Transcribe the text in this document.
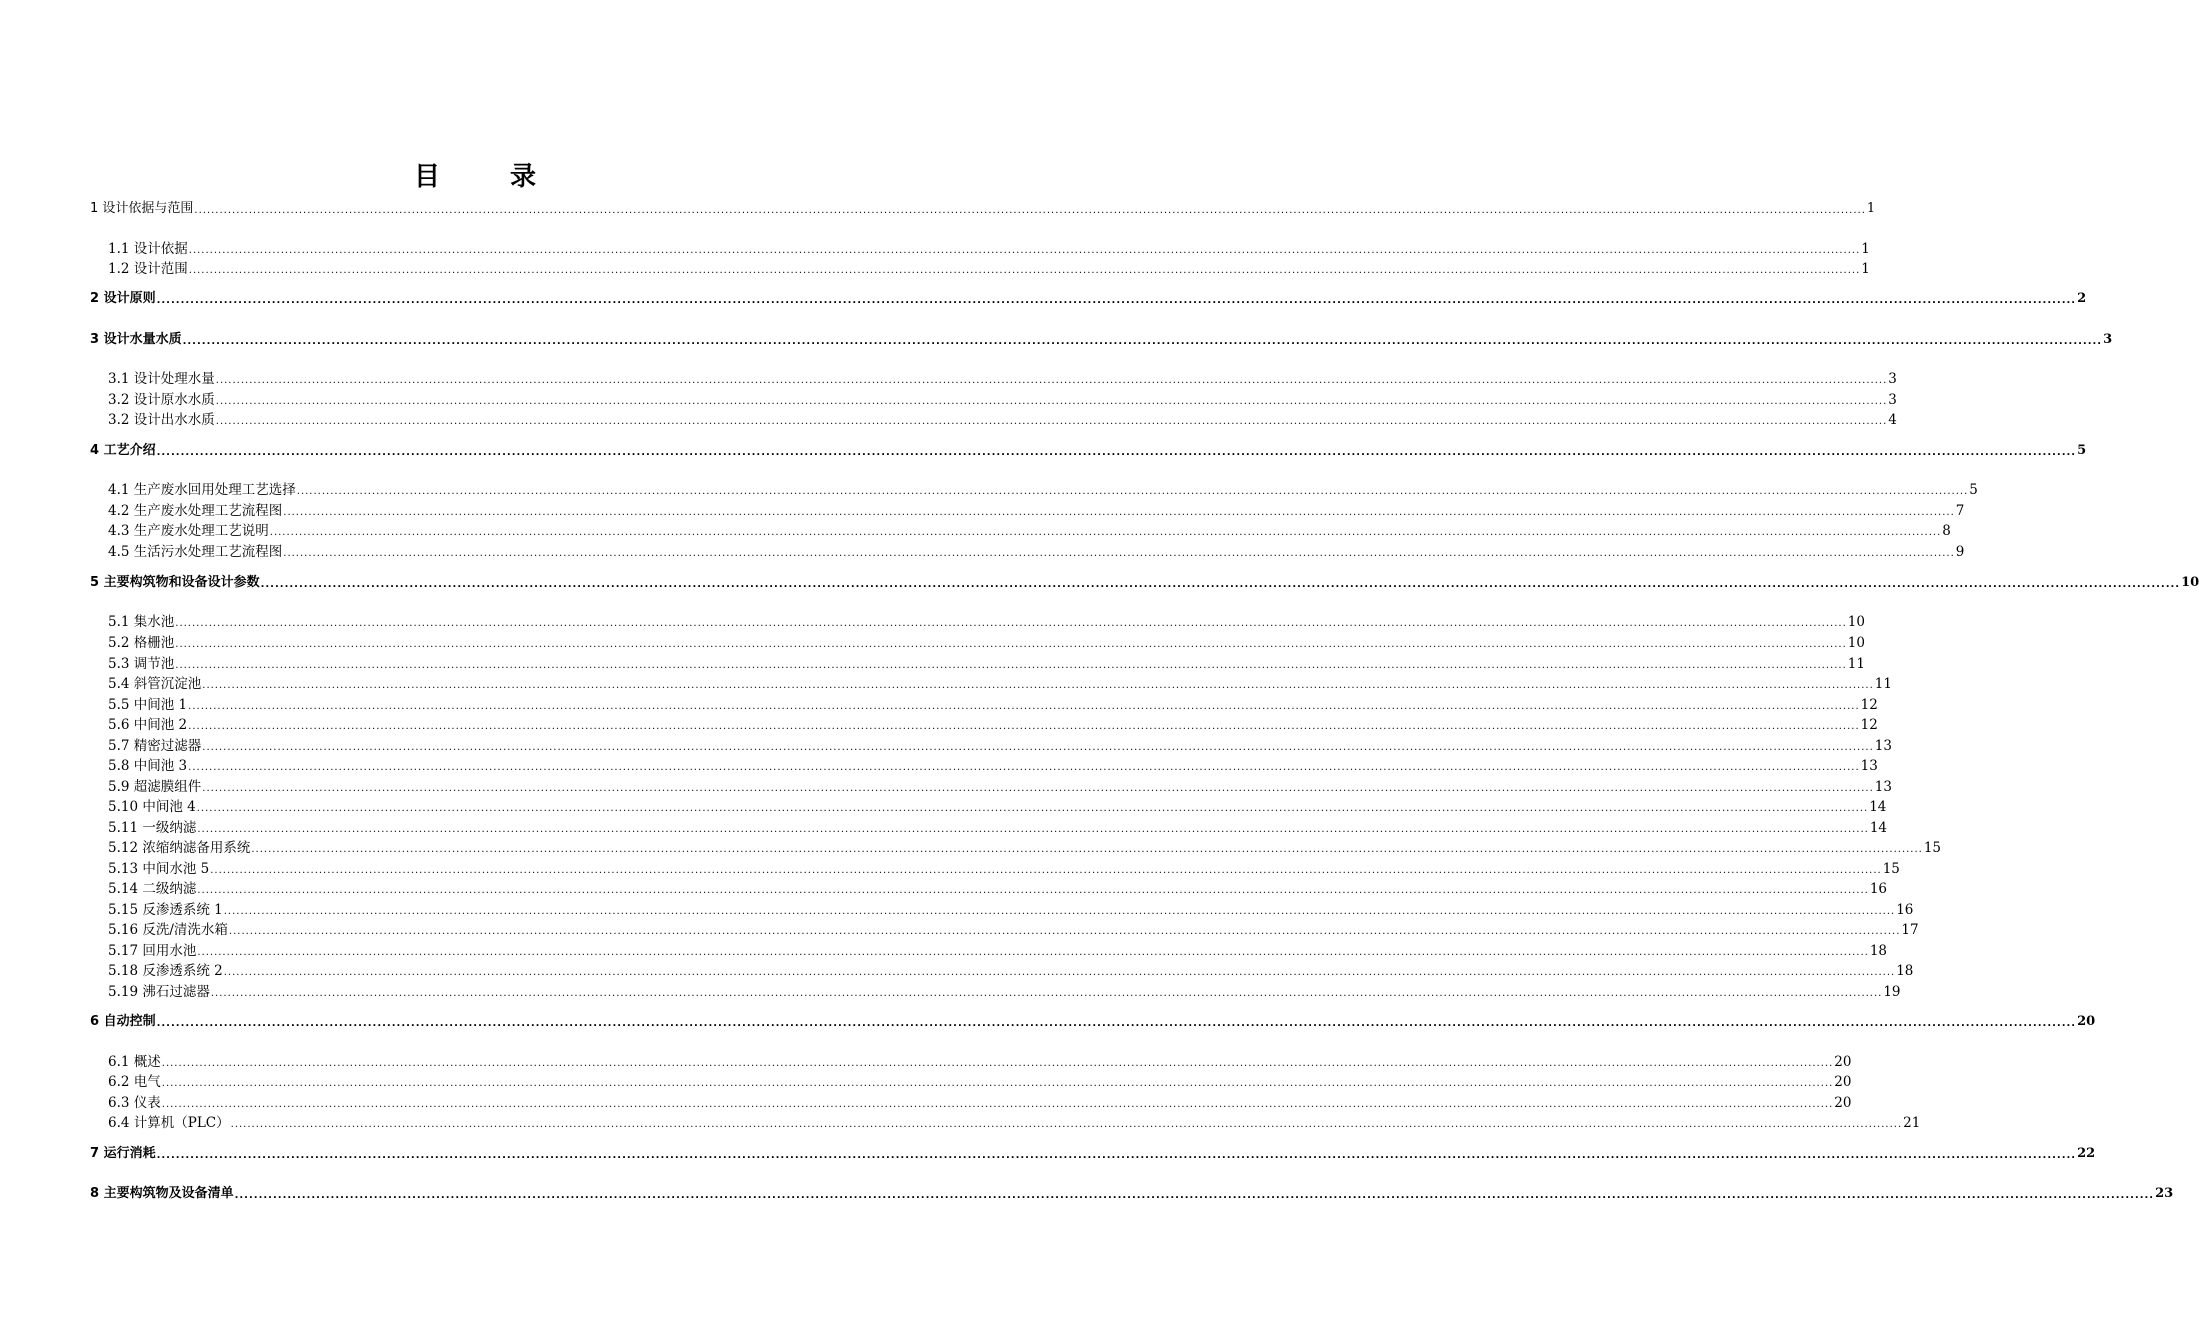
目　录
1 设计依据与范围 ................................................................................................................................................................................................................................................................................................................................................................................................................ 1
1.1 设计依据 ................................................................................................................................................................................................................................................................................................................................................................................................................ 1
1.2 设计范围 ................................................................................................................................................................................................................................................................................................................................................................................................................ 1
2 设计原则 ................................................................................................................................................................................................................................................................................................................................................................................................................ 2
3 设计水量水质 ................................................................................................................................................................................................................................................................................................................................................................................................................ 3
3.1 设计处理水量 ................................................................................................................................................................................................................................................................................................................................................................................................................ 3
3.2 设计原水水质 ................................................................................................................................................................................................................................................................................................................................................................................................................ 3
3.2 设计出水水质 ................................................................................................................................................................................................................................................................................................................................................................................................................ 4
4 工艺介绍 ................................................................................................................................................................................................................................................................................................................................................................................................................ 5
4.1 生产废水回用处理工艺选择 ................................................................................................................................................................................................................................................................................................................................................................................................................ 5
4.2 生产废水处理工艺流程图 ................................................................................................................................................................................................................................................................................................................................................................................................................ 7
4.3 生产废水处理工艺说明 ................................................................................................................................................................................................................................................................................................................................................................................................................ 8
4.5 生活污水处理工艺流程图 ................................................................................................................................................................................................................................................................................................................................................................................................................ 9
5 主要构筑物和设备设计参数 ................................................................................................................................................................................................................................................................................................................................................................................................................ 10
5.1 集水池 ................................................................................................................................................................................................................................................................................................................................................................................................................ 10
5.2 格栅池 ................................................................................................................................................................................................................................................................................................................................................................................................................ 10
5.3 调节池 ................................................................................................................................................................................................................................................................................................................................................................................................................ 11
5.4 斜管沉淀池 ................................................................................................................................................................................................................................................................................................................................................................................................................ 11
5.5 中间池 1 ................................................................................................................................................................................................................................................................................................................................................................................................................ 12
5.6 中间池 2 ................................................................................................................................................................................................................................................................................................................................................................................................................ 12
5.7 精密过滤器 ................................................................................................................................................................................................................................................................................................................................................................................................................ 13
5.8 中间池 3 ................................................................................................................................................................................................................................................................................................................................................................................................................ 13
5.9 超滤膜组件 ................................................................................................................................................................................................................................................................................................................................................................................................................ 13
5.10 中间池 4 ................................................................................................................................................................................................................................................................................................................................................................................................................ 14
5.11 一级纳滤 ................................................................................................................................................................................................................................................................................................................................................................................................................ 14
5.12 浓缩纳滤备用系统 ................................................................................................................................................................................................................................................................................................................................................................................................................ 15
5.13 中间水池 5 ................................................................................................................................................................................................................................................................................................................................................................................................................ 15
5.14 二级纳滤 ................................................................................................................................................................................................................................................................................................................................................................................................................ 16
5.15 反渗透系统 1 ................................................................................................................................................................................................................................................................................................................................................................................................................ 16
5.16 反洗/清洗水箱 ................................................................................................................................................................................................................................................................................................................................................................................................................ 17
5.17 回用水池 ................................................................................................................................................................................................................................................................................................................................................................................................................ 18
5.18 反渗透系统 2 ................................................................................................................................................................................................................................................................................................................................................................................................................ 18
5.19 沸石过滤器 ................................................................................................................................................................................................................................................................................................................................................................................................................ 19
6 自动控制 ................................................................................................................................................................................................................................................................................................................................................................................................................ 20
6.1 概述 ................................................................................................................................................................................................................................................................................................................................................................................................................ 20
6.2 电气 ................................................................................................................................................................................................................................................................................................................................................................................................................ 20
6.3 仪表 ................................................................................................................................................................................................................................................................................................................................................................................................................ 20
6.4 计算机（PLC） ................................................................................................................................................................................................................................................................................................................................................................................................................ 21
7 运行消耗 ................................................................................................................................................................................................................................................................................................................................................................................................................ 22
8 主要构筑物及设备清单 ................................................................................................................................................................................................................................................................................................................................................................................................................ 23
